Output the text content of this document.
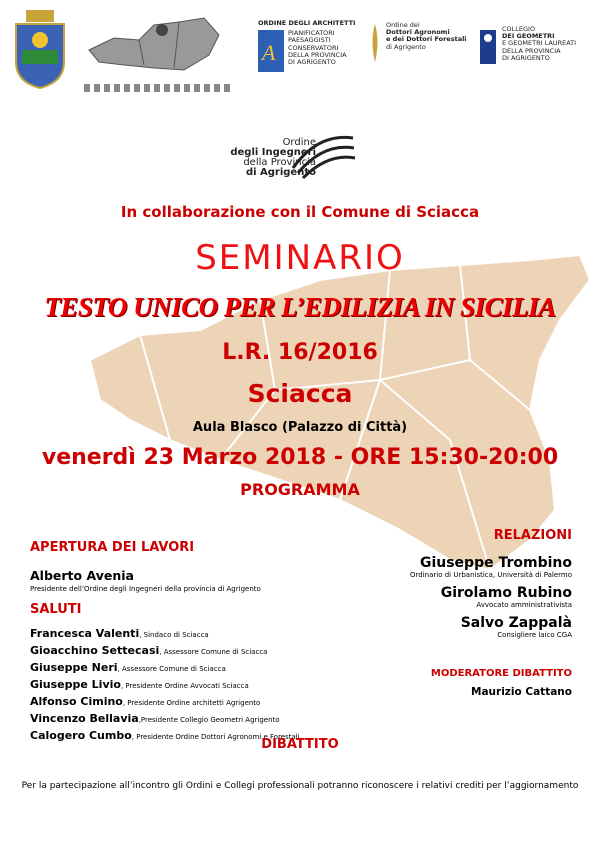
ORDINE DEGLI ARCHITETTI
A
PIANIFICATORI
PAESAGGISTI
CONSERVATORI
DELLA PROVINCIA
DI AGRIGENTO
Ordine dei
Dottori Agronomi
e dei Dottori Forestali
di Agrigento
COLLEGIO
DEI GEOMETRI
E GEOMETRI LAUREATI
DELLA PROVINCIA
DI AGRIGENTO
Ordine
degli Ingegneri
della Provincia
di Agrigento
In collaborazione con il Comune di Sciacca
SEMINARIO
TESTO UNICO PER L’EDILIZIA IN SICILIA
L.R. 16/2016
Sciacca
Aula Blasco (Palazzo di Città)
venerdì 23 Marzo 2018 - ORE 15:30-20:00
PROGRAMMA
APERTURA DEI LAVORI
Alberto Avenia
Presidente dell’Ordine degli Ingegneri della provincia di Agrigento
SALUTI
Francesca Valenti, Sindaco di Sciacca
Gioacchino Settecasi, Assessore Comune di Sciacca
Giuseppe Neri, Assessore Comune di Sciacca
Giuseppe Livio, Presidente Ordine Avvocati Sciacca
Alfonso Cimino, Presidente Ordine architetti Agrigento
Vincenzo Bellavia,Presidente Collegio Geometri Agrigento
Calogero Cumbo, Presidente Ordine Dottori Agronomi e Forestali
RELAZIONI
Giuseppe Trombino
Ordinario di Urbanistica, Università di Palermo
Girolamo Rubino
Avvocato amministrativista
Salvo Zappalà
Consigliere laico CGA
MODERATORE DIBATTITO
Maurizio Cattano
DIBATTITO
Per la partecipazione all’incontro gli Ordini e Collegi professionali potranno riconoscere i relativi crediti per l’aggiornamento
